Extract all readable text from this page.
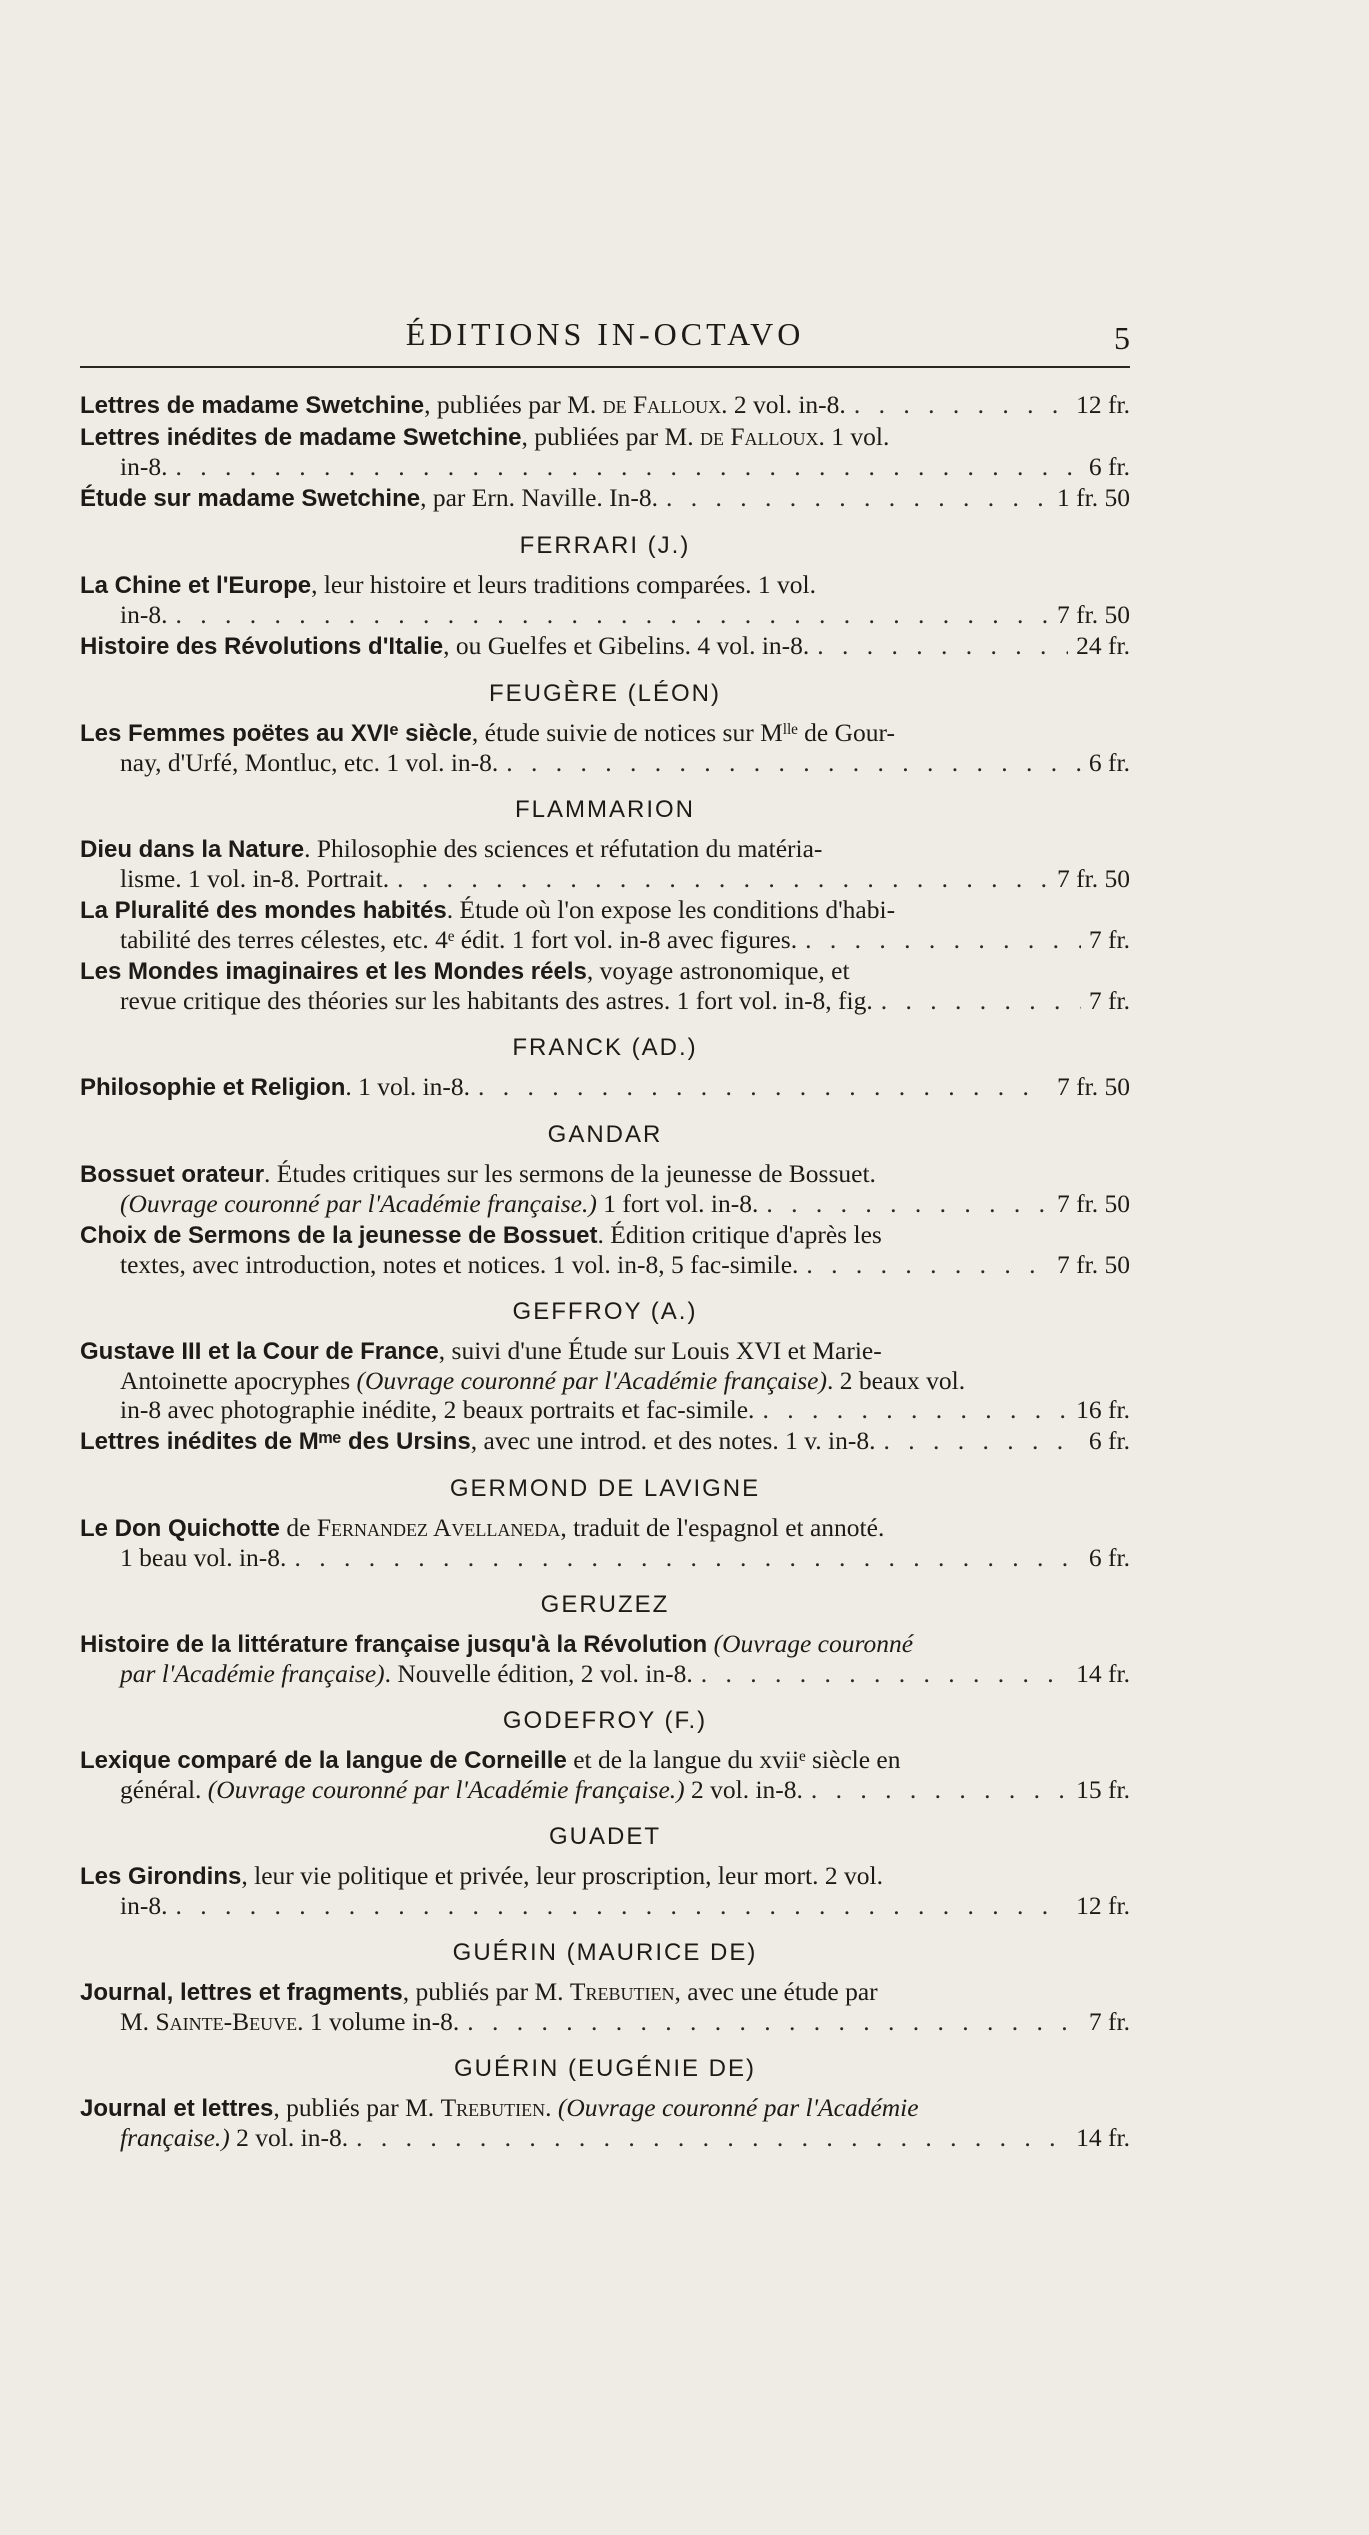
ÉDITIONS IN-OCTAVO	5
Lettres de madame Swetchine, publiées par M. de Falloux. 2 vol. in-8. . . .	12 fr.
Lettres inédites de madame Swetchine, publiées par M. de Falloux. 1 vol.
in-8. . . .	6 fr.
Étude sur madame Swetchine, par Ern. Naville. In-8. . . .	1 fr. 50
FERRARI (J.)
La Chine et l'Europe, leur histoire et leurs traditions comparées. 1 vol.
in-8. . . .	7 fr. 50
Histoire des Révolutions d'Italie, ou Guelfes et Gibelins. 4 vol. in-8. . . .	24 fr.
FEUGÈRE (LÉON)
Les Femmes poëtes au XVIᵉ siècle, étude suivie de notices sur Mˡˡᵉ de Gour-
nay, d'Urfé, Montluc, etc. 1 vol. in-8. . . .	6 fr.
FLAMMARION
Dieu dans la Nature. Philosophie des sciences et réfutation du matéria-
lisme. 1 vol. in-8. Portrait. . . .	7 fr. 50
La Pluralité des mondes habités. Étude où l'on expose les conditions d'habi-
tabilité des terres célestes, etc. 4ᵉ édit. 1 fort vol. in-8 avec figures. . . .	7 fr.
Les Mondes imaginaires et les Mondes réels, voyage astronomique, et
revue critique des théories sur les habitants des astres. 1 fort vol. in-8, fig. . . .	7 fr.
FRANCK (AD.)
Philosophie et Religion. 1 vol. in-8. . . .	7 fr. 50
GANDAR
Bossuet orateur. Études critiques sur les sermons de la jeunesse de Bossuet.
(Ouvrage couronné par l'Académie française.) 1 fort vol. in-8. . . .	7 fr. 50
Choix de Sermons de la jeunesse de Bossuet. Édition critique d'après les
textes, avec introduction, notes et notices. 1 vol. in-8, 5 fac-simile. . . .	7 fr. 50
GEFFROY (A.)
Gustave III et la Cour de France, suivi d'une Étude sur Louis XVI et Marie-
Antoinette apocryphes (Ouvrage couronné par l'Académie française). 2 beaux vol.
in-8 avec photographie inédite, 2 beaux portraits et fac-simile. . . .	16 fr.
Lettres inédites de Mᵐᵉ des Ursins, avec une introd. et des notes. 1 v. in-8. . . .	6 fr.
GERMOND DE LAVIGNE
Le Don Quichotte de Fernandez Avellaneda, traduit de l'espagnol et annoté.
1 beau vol. in-8. . . .	6 fr.
GERUZEZ
Histoire de la littérature française jusqu'à la Révolution (Ouvrage couronné
par l'Académie française). Nouvelle édition, 2 vol. in-8. . . .	14 fr.
GODEFROY (F.)
Lexique comparé de la langue de Corneille et de la langue du xviiᵉ siècle en
général. (Ouvrage couronné par l'Académie française.) 2 vol. in-8. . . .	15 fr.
GUADET
Les Girondins, leur vie politique et privée, leur proscription, leur mort. 2 vol.
in-8. . . .	12 fr.
GUÉRIN (MAURICE DE)
Journal, lettres et fragments, publiés par M. Trebutien, avec une étude par
M. Sainte-Beuve. 1 volume in-8. . . .	7 fr.
GUÉRIN (EUGÉNIE DE)
Journal et lettres, publiés par M. Trebutien. (Ouvrage couronné par l'Académie
française.) 2 vol. in-8. . . .	14 fr.
